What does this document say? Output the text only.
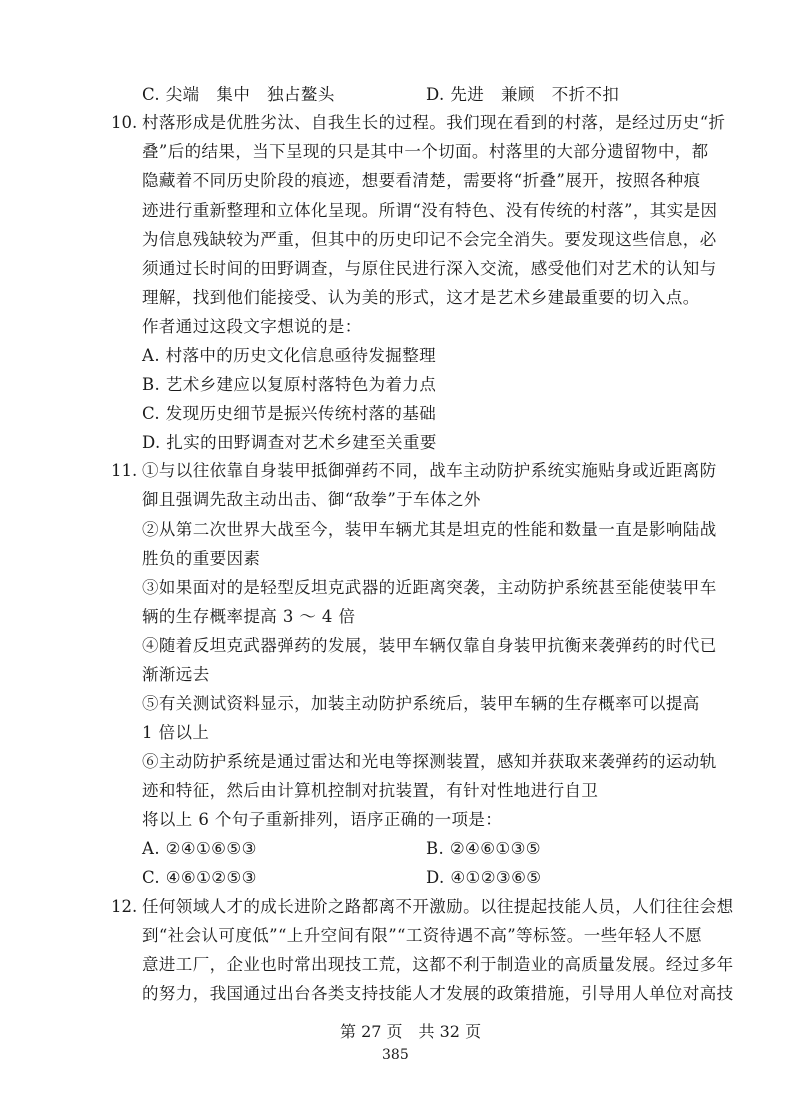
C. 尖端　集中　独占鳌头	D. 先进　兼顾　不折不扣
10. 村落形成是优胜劣汰、自我生长的过程。我们现在看到的村落，是经过历史“折
叠”后的结果，当下呈现的只是其中一个切面。村落里的大部分遗留物中，都
隐藏着不同历史阶段的痕迹，想要看清楚，需要将“折叠”展开，按照各种痕
迹进行重新整理和立体化呈现。所谓“没有特色、没有传统的村落”，其实是因
为信息残缺较为严重，但其中的历史印记不会完全消失。要发现这些信息，必
须通过长时间的田野调查，与原住民进行深入交流，感受他们对艺术的认知与
理解，找到他们能接受、认为美的形式，这才是艺术乡建最重要的切入点。
作者通过这段文字想说的是：
A. 村落中的历史文化信息亟待发掘整理
B. 艺术乡建应以复原村落特色为着力点
C. 发现历史细节是振兴传统村落的基础
D. 扎实的田野调查对艺术乡建至关重要
11. ①与以往依靠自身装甲抵御弹药不同，战车主动防护系统实施贴身或近距离防
御且强调先敌主动出击、御“敌拳”于车体之外
②从第二次世界大战至今，装甲车辆尤其是坦克的性能和数量一直是影响陆战
胜负的重要因素
③如果面对的是轻型反坦克武器的近距离突袭，主动防护系统甚至能使装甲车
辆的生存概率提高 3 ～ 4 倍
④随着反坦克武器弹药的发展，装甲车辆仅靠自身装甲抗衡来袭弹药的时代已
渐渐远去
⑤有关测试资料显示，加装主动防护系统后，装甲车辆的生存概率可以提高
1 倍以上
⑥主动防护系统是通过雷达和光电等探测装置，感知并获取来袭弹药的运动轨
迹和特征，然后由计算机控制对抗装置，有针对性地进行自卫
将以上 6 个句子重新排列，语序正确的一项是：
A. ②④①⑥⑤③	B. ②④⑥①③⑤
C. ④⑥①②⑤③	D. ④①②③⑥⑤
12. 任何领域人才的成长进阶之路都离不开激励。以往提起技能人员，人们往往会想
到“社会认可度低”“上升空间有限”“工资待遇不高”等标签。一些年轻人不愿
意进工厂，企业也时常出现技工荒，这都不利于制造业的高质量发展。经过多年
的努力，我国通过出台各类支持技能人才发展的政策措施，引导用人单位对高技
第 27 页　共 32 页
385
